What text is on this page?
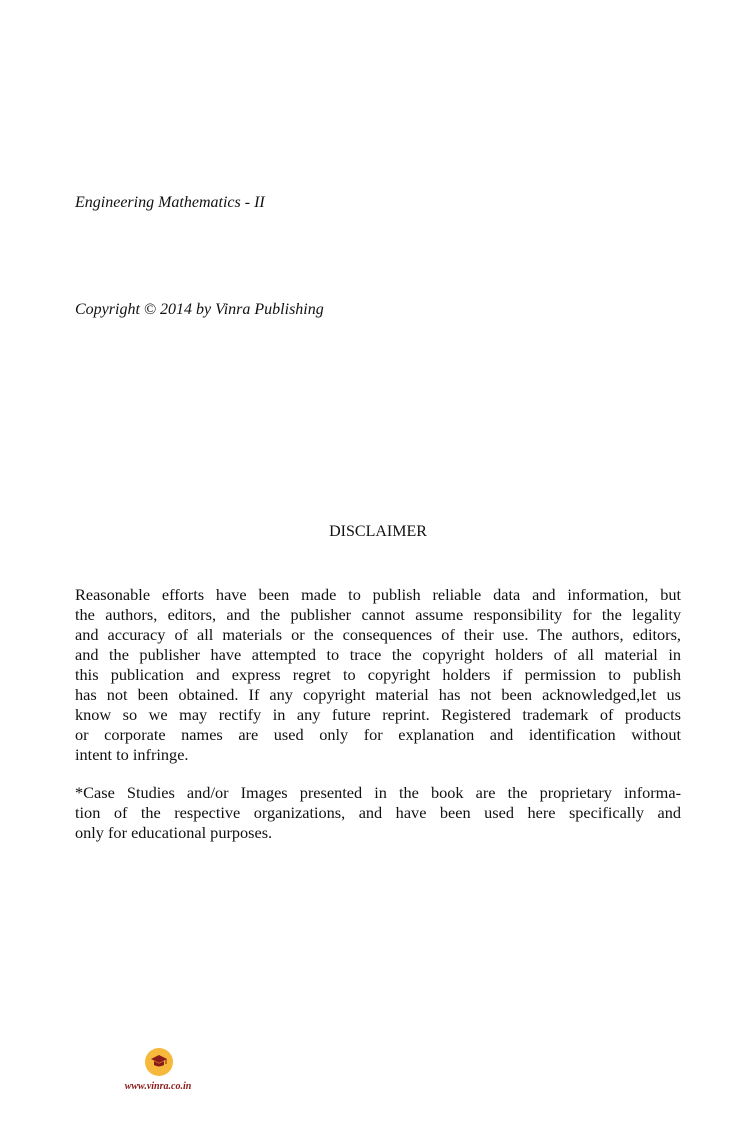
Engineering Mathematics - II
Copyright © 2014 by Vinra Publishing
DISCLAIMER
Reasonable efforts have been made to publish reliable data and information, but
the authors, editors, and the publisher cannot assume responsibility for the legality
and accuracy of all materials or the consequences of their use. The authors, editors,
and the publisher have attempted to trace the copyright holders of all material in
this publication and express regret to copyright holders if permission to publish
has not been obtained. If any copyright material has not been acknowledged,let us
know so we may rectify in any future reprint. Registered trademark of products
or corporate names are used only for explanation and identification without
intent to infringe.
*Case Studies and/or Images presented in the book are the proprietary informa-
tion of the respective organizations, and have been used here specifically and
only for educational purposes.
www.vinra.co.in
